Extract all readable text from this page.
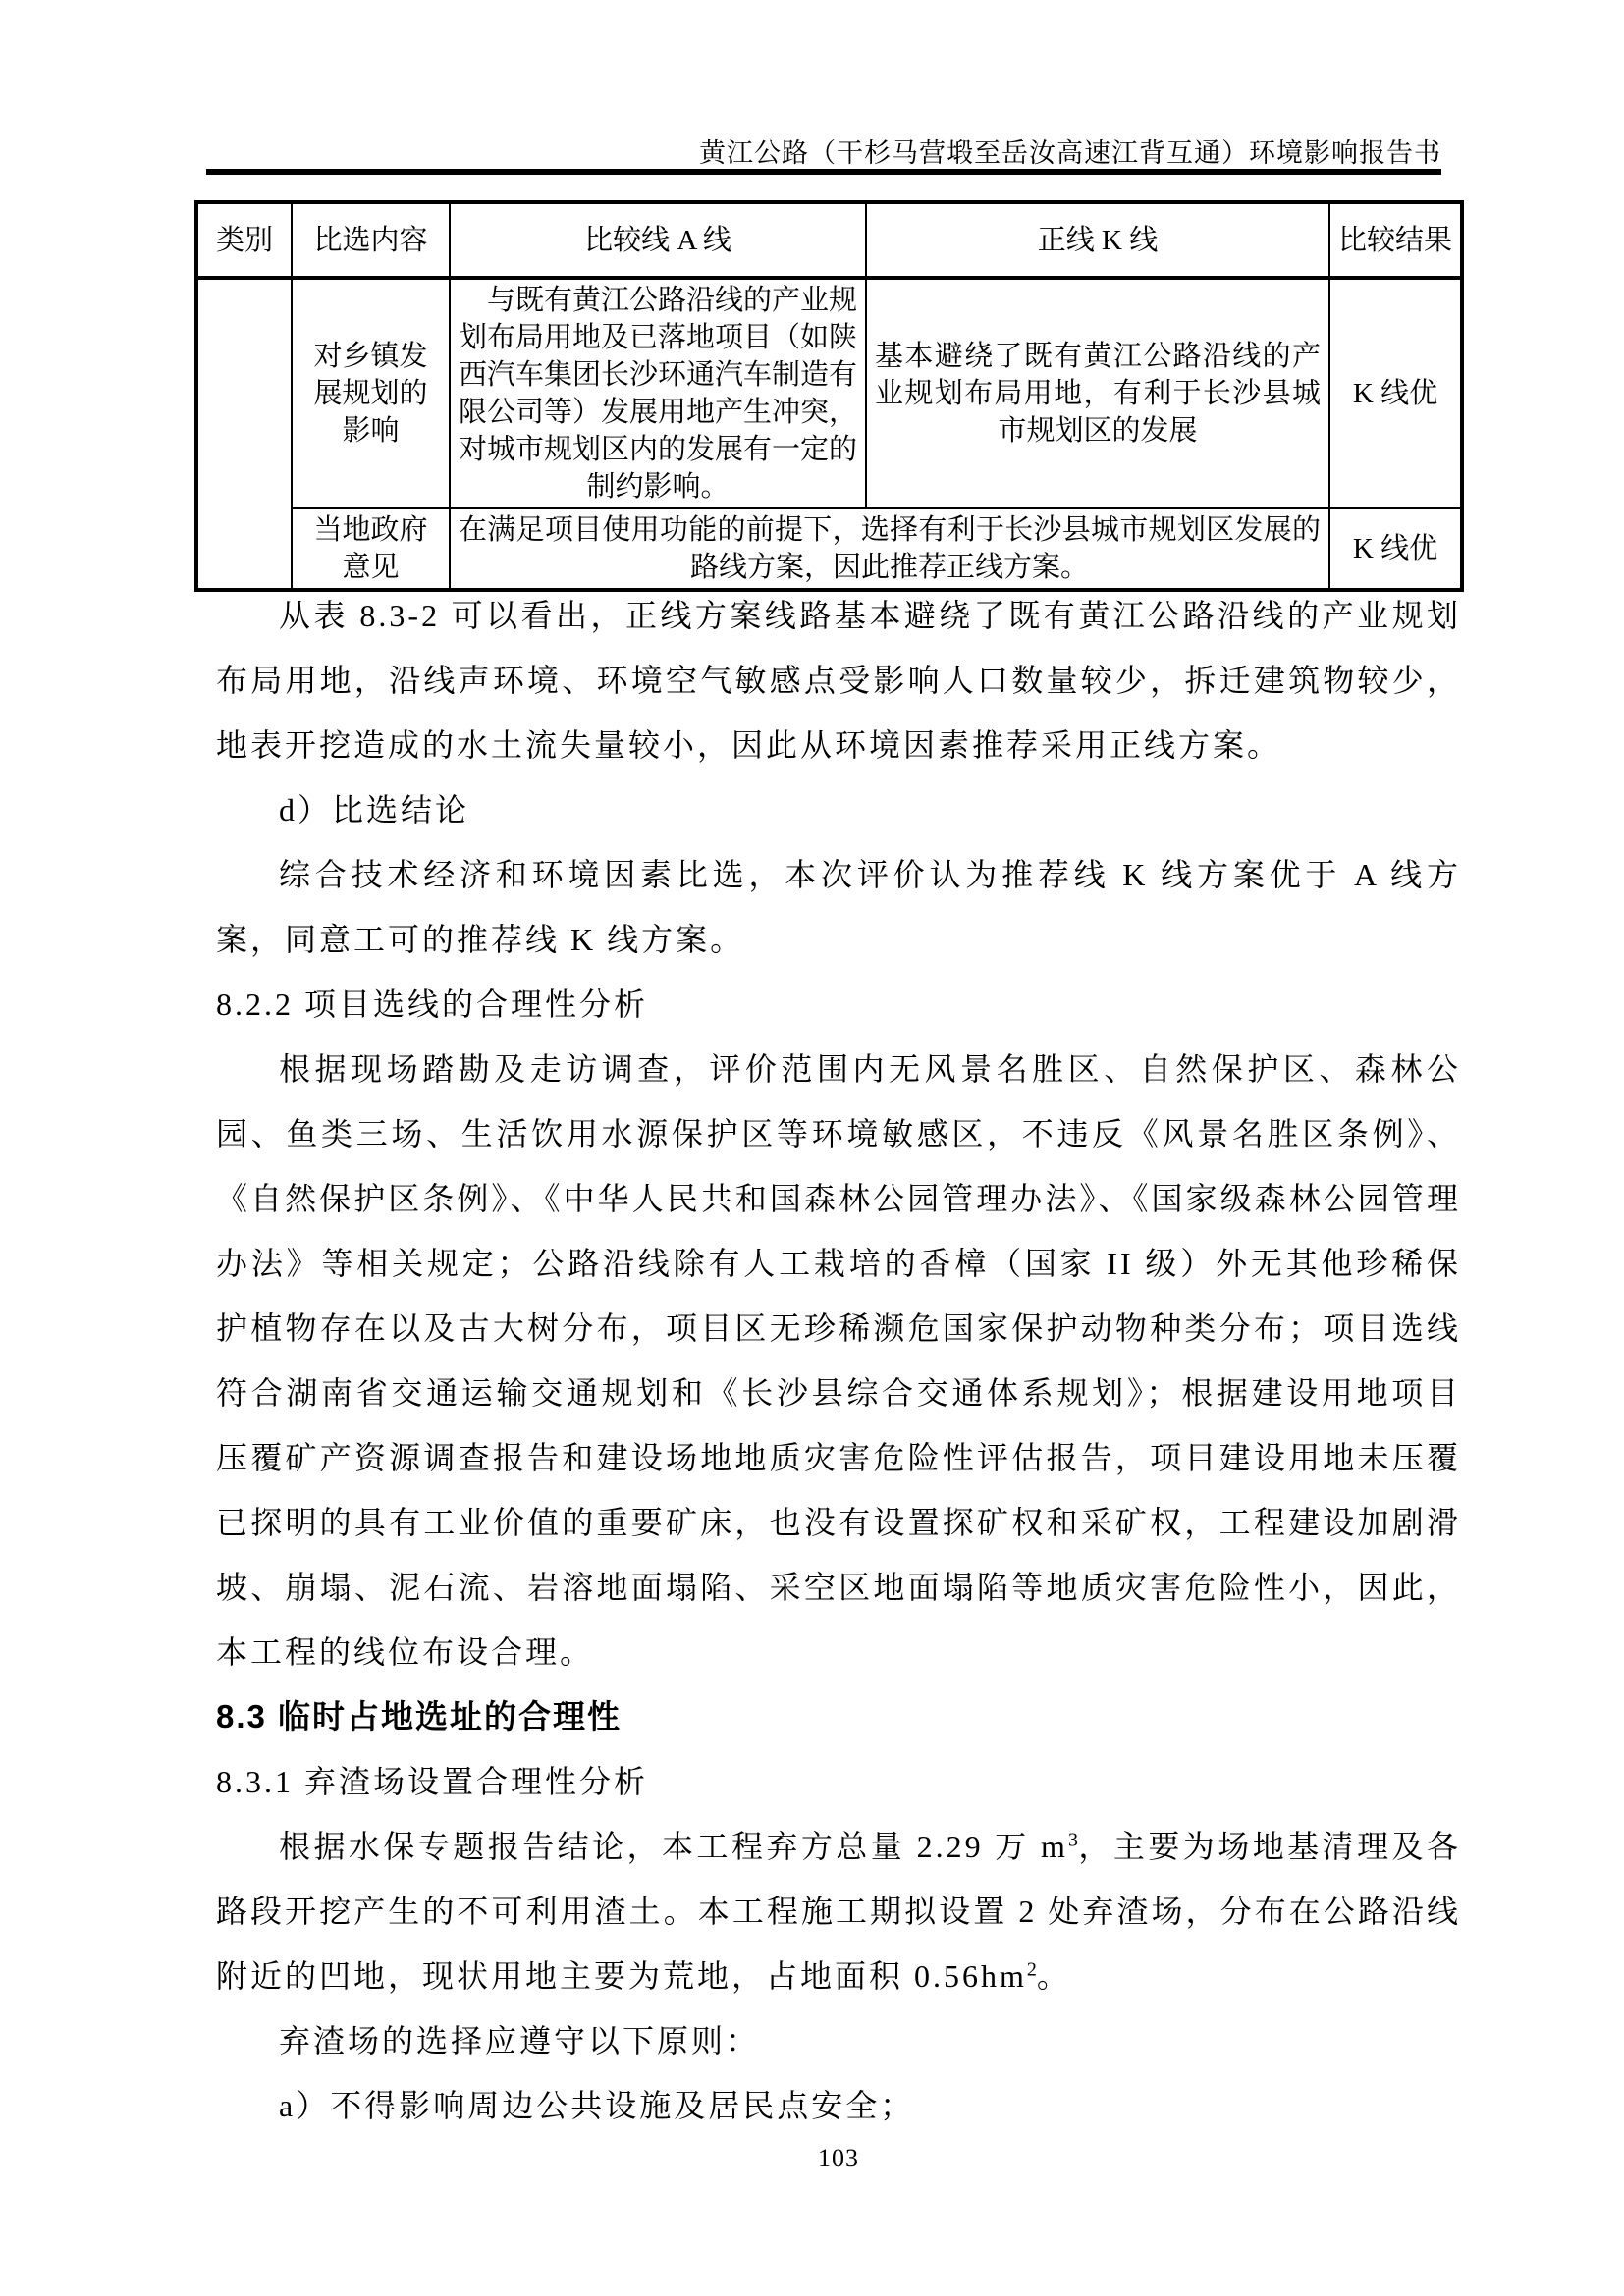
黄江公路（干杉马营塅至岳汝高速江背互通）环境影响报告书
类别	比选内容	比较线 A 线	正线 K 线	比较结果
	对乡镇发展规划的影响	与既有黄江公路沿线的产业规划布局用地及已落地项目（如陕西汽车集团长沙环通汽车制造有限公司等）发展用地产生冲突，对城市规划区内的发展有一定的制约影响。	基本避绕了既有黄江公路沿线的产业规划布局用地，有利于长沙县城市规划区的发展	K 线优
	当地政府意见	在满足项目使用功能的前提下，选择有利于长沙县城市规划区发展的路线方案，因此推荐正线方案。		K 线优

从表 8.3-2 可以看出，正线方案线路基本避绕了既有黄江公路沿线的产业规划布局用地，沿线声环境、环境空气敏感点受影响人口数量较少，拆迁建筑物较少，地表开挖造成的水土流失量较小，因此从环境因素推荐采用正线方案。

d）比选结论

综合技术经济和环境因素比选，本次评价认为推荐线 K 线方案优于 A 线方案，同意工可的推荐线 K 线方案。

8.2.2 项目选线的合理性分析

根据现场踏勘及走访调查，评价范围内无风景名胜区、自然保护区、森林公园、鱼类三场、生活饮用水源保护区等环境敏感区，不违反《风景名胜区条例》、《自然保护区条例》、《中华人民共和国森林公园管理办法》、《国家级森林公园管理办法》等相关规定；公路沿线除有人工栽培的香樟（国家 II 级）外无其他珍稀保护植物存在以及古大树分布，项目区无珍稀濒危国家保护动物种类分布；项目选线符合湖南省交通运输交通规划和《长沙县综合交通体系规划》；根据建设用地项目压覆矿产资源调查报告和建设场地地质灾害危险性评估报告，项目建设用地未压覆已探明的具有工业价值的重要矿床，也没有设置探矿权和采矿权，工程建设加剧滑坡、崩塌、泥石流、岩溶地面塌陷、采空区地面塌陷等地质灾害危险性小，因此，本工程的线位布设合理。

8.3 临时占地选址的合理性
8.3.1 弃渣场设置合理性分析

根据水保专题报告结论，本工程弃方总量 2.29 万 $m^3$，主要为场地基清理及各路段开挖产生的不可利用渣土。本工程施工期拟设置 2 处弃渣场，分布在公路沿线附近的凹地，现状用地主要为荒地，占地面积 $0.56hm^2$。

弃渣场的选择应遵守以下原则：

a）不得影响周边公共设施及居民点安全；

103
